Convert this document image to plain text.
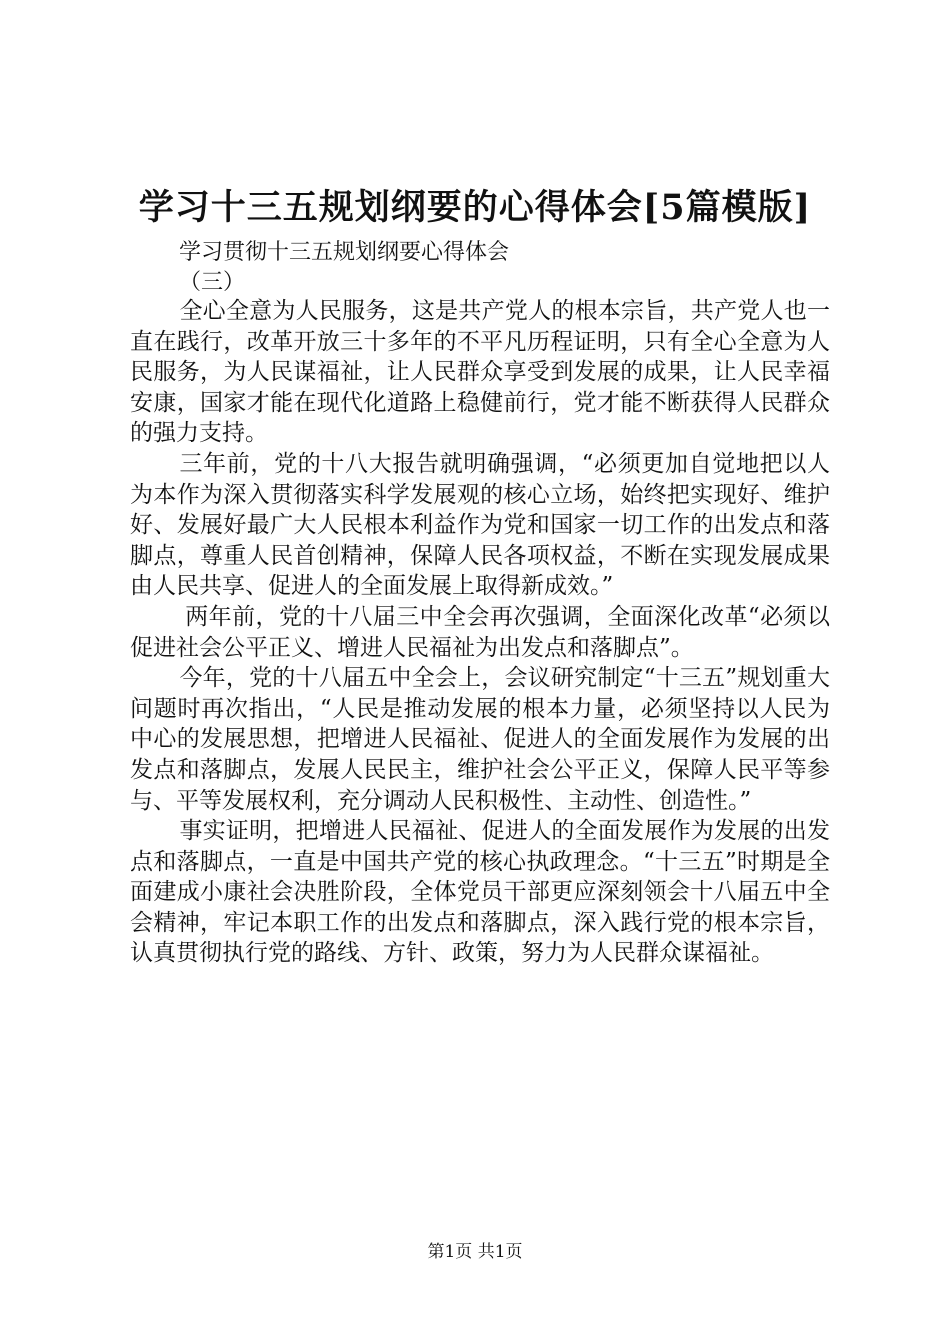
学习十三五规划纲要的心得体会[5篇模版]
学习贯彻十三五规划纲要心得体会
（三）

全心全意为人民服务，这是共产党人的根本宗旨，共产党人也一直在践行，改革开放三十多年的不平凡历程证明，只有全心全意为人民服务，为人民谋福祉，让人民群众享受到发展的成果，让人民幸福安康，国家才能在现代化道路上稳健前行，党才能不断获得人民群众的强力支持。

三年前，党的十八大报告就明确强调，“必须更加自觉地把以人为本作为深入贯彻落实科学发展观的核心立场，始终把实现好、维护好、发展好最广大人民根本利益作为党和国家一切工作的出发点和落脚点，尊重人民首创精神，保障人民各项权益，不断在实现发展成果由人民共享、促进人的全面发展上取得新成效。”

两年前，党的十八届三中全会再次强调，全面深化改革“必须以促进社会公平正义、增进人民福祉为出发点和落脚点”。

今年，党的十八届五中全会上，会议研究制定“十三五”规划重大问题时再次指出，“人民是推动发展的根本力量，必须坚持以人民为中心的发展思想，把增进人民福祉、促进人的全面发展作为发展的出发点和落脚点，发展人民民主，维护社会公平正义，保障人民平等参与、平等发展权利，充分调动人民积极性、主动性、创造性。”

事实证明，把增进人民福祉、促进人的全面发展作为发展的出发点和落脚点，一直是中国共产党的核心执政理念。“十三五”时期是全面建成小康社会决胜阶段，全体党员干部更应深刻领会十八届五中全会精神，牢记本职工作的出发点和落脚点，深入践行党的根本宗旨，认真贯彻执行党的路线、方针、政策，努力为人民群众谋福祉。

第1页 共1页
